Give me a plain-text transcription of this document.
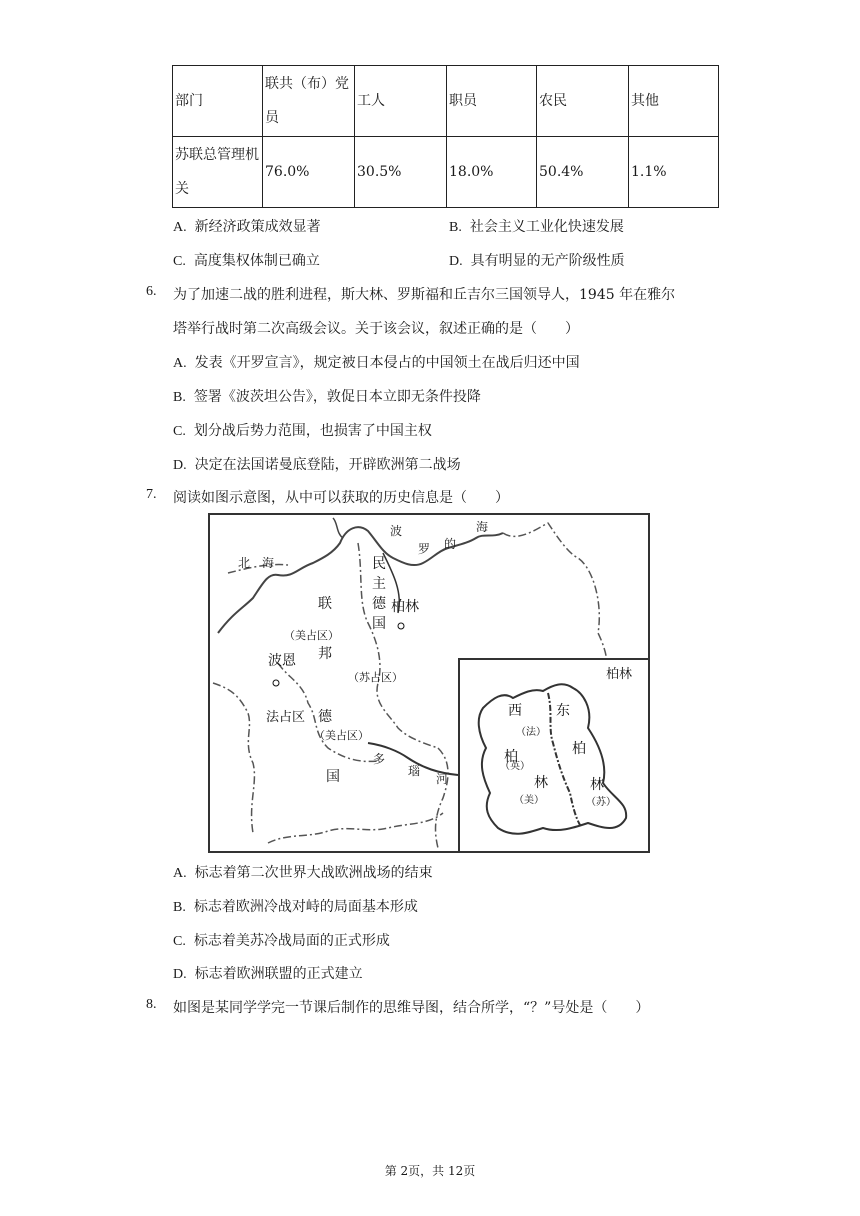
部门	联共（布）党员	工人	职员	农民	其他

苏联总管理机关	76.0%	30.5%	18.0%	50.4%	1.1%
A. 新经济政策成效显著	B. 社会主义工业化快速发展
C. 高度集权体制已确立	D. 具有明显的无产阶级性质
6. 为了加速二战的胜利进程，斯大林、罗斯福和丘吉尔三国领导人，1945 年在雅尔
塔举行战时第二次高级会议。关于该会议，叙述正确的是（　　）
A. 发表《开罗宣言》，规定被日本侵占的中国领土在战后归还中国
B. 签署《波茨坦公告》，敦促日本立即无条件投降
C. 划分战后势力范围，也损害了中国主权
D. 决定在法国诺曼底登陆，开辟欧洲第二战场
7. 阅读如图示意图，从中可以获取的历史信息是（　　）
北　海
波
罗 的
海
联
邦
德
国
民
主
德
国
柏林
（美占区）
波恩
（苏占区）
法占区
（美占区）
多
瑙
河
柏林
西
柏
林
东
柏
林
（法）
（英）
（美）	（苏）
A. 标志着第二次世界大战欧洲战场的结束
B. 标志着欧洲冷战对峙的局面基本形成
C. 标志着美苏冷战局面的正式形成
D. 标志着欧洲联盟的正式建立
8. 如图是某同学学完一节课后制作的思维导图，结合所学，“？”号处是（　　）
第 2页，共 12页
